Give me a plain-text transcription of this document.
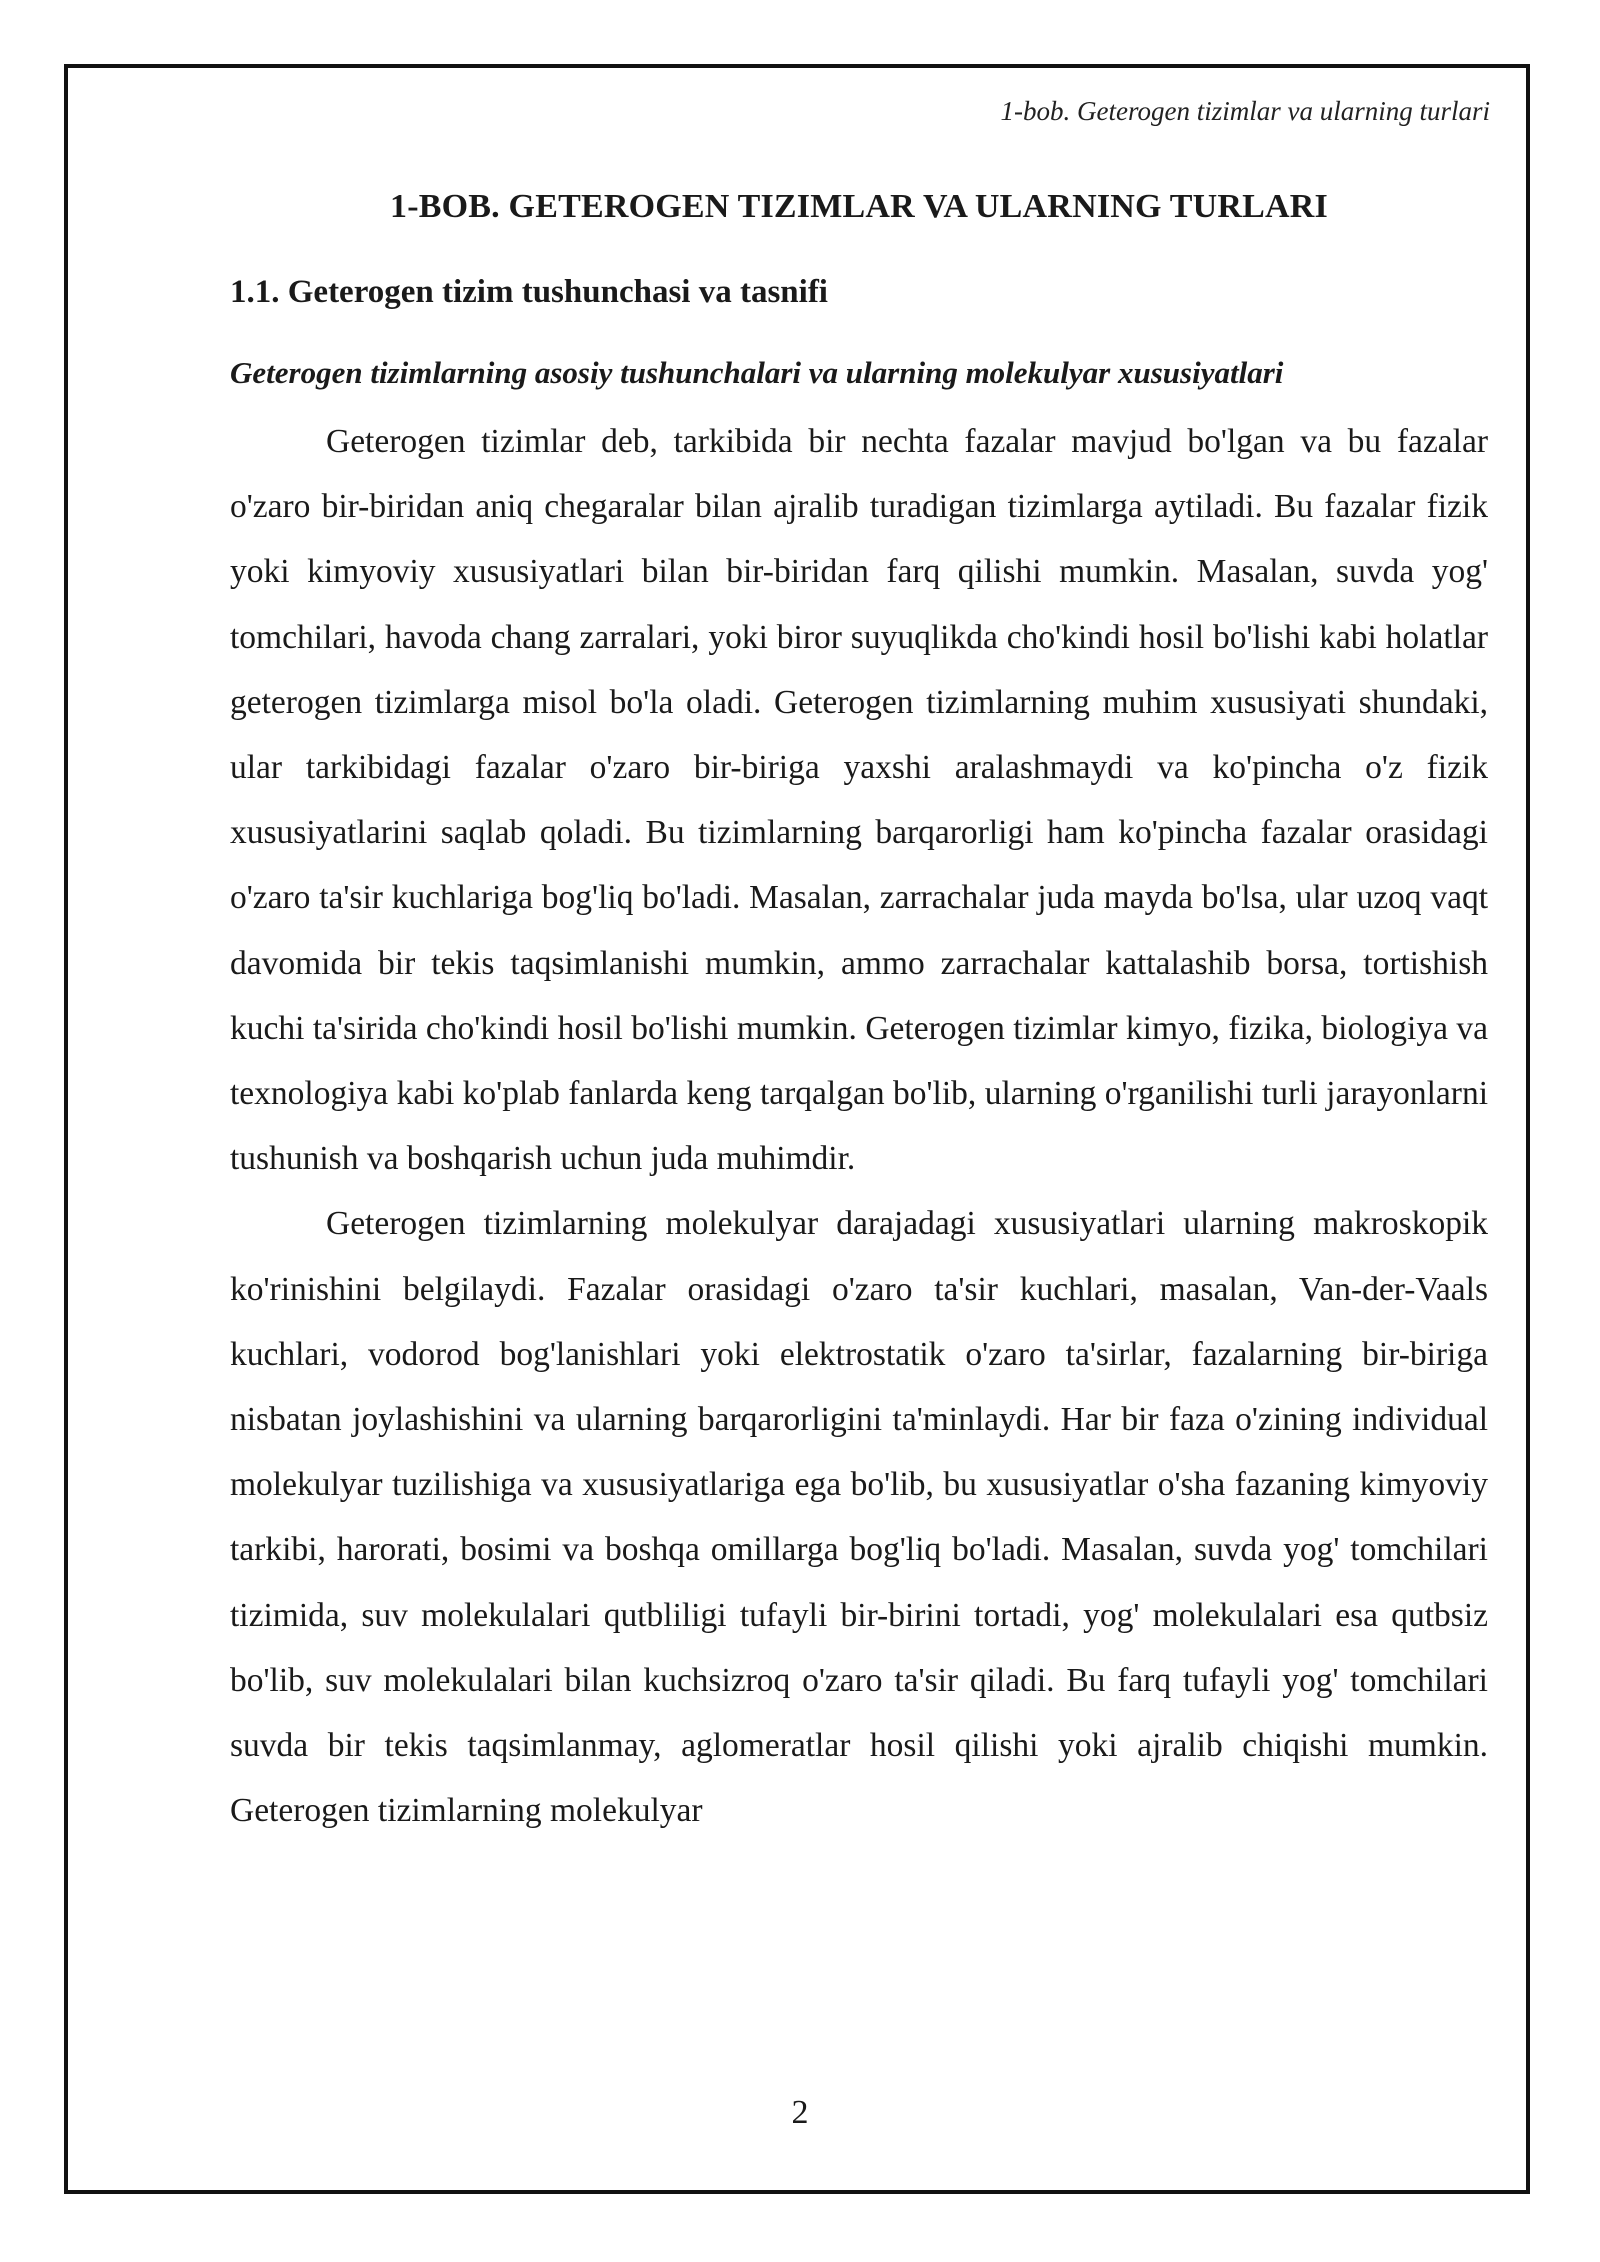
1-bob. Geterogen tizimlar va ularning turlari
1-BOB. GETEROGEN TIZIMLAR VA ULARNING TURLARI
1.1. Geterogen tizim tushunchasi va tasnifi
Geterogen tizimlarning asosiy tushunchalari va ularning molekulyar xususiyatlari

Geterogen tizimlar deb, tarkibida bir nechta fazalar mavjud bo'lgan va bu fazalar o'zaro bir-biridan aniq chegaralar bilan ajralib turadigan tizimlarga aytiladi. Bu fazalar fizik yoki kimyoviy xususiyatlari bilan bir-biridan farq qilishi mumkin. Masalan, suvda yog' tomchilari, havoda chang zarralari, yoki biror suyuqlikda cho'kindi hosil bo'lishi kabi holatlar geterogen tizimlarga misol bo'la oladi. Geterogen tizimlarning muhim xususiyati shundaki, ular tarkibidagi fazalar o'zaro bir-biriga yaxshi aralashmaydi va ko'pincha o'z fizik xususiyatlarini saqlab qoladi. Bu tizimlarning barqarorligi ham ko'pincha fazalar orasidagi o'zaro ta'sir kuchlariga bog'liq bo'ladi. Masalan, zarrachalar juda mayda bo'lsa, ular uzoq vaqt davomida bir tekis taqsimlanishi mumkin, ammo zarrachalar kattalashib borsa, tortishish kuchi ta'sirida cho'kindi hosil bo'lishi mumkin. Geterogen tizimlar kimyo, fizika, biologiya va texnologiya kabi ko'plab fanlarda keng tarqalgan bo'lib, ularning o'rganilishi turli jarayonlarni tushunish va boshqarish uchun juda muhimdir.

Geterogen tizimlarning molekulyar darajadagi xususiyatlari ularning makroskopik ko'rinishini belgilaydi. Fazalar orasidagi o'zaro ta'sir kuchlari, masalan, Van-der-Vaals kuchlari, vodorod bog'lanishlari yoki elektrostatik o'zaro ta'sirlar, fazalarning bir-biriga nisbatan joylashishini va ularning barqarorligini ta'minlaydi. Har bir faza o'zining individual molekulyar tuzilishiga va xususiyatlariga ega bo'lib, bu xususiyatlar o'sha fazaning kimyoviy tarkibi, harorati, bosimi va boshqa omillarga bog'liq bo'ladi. Masalan, suvda yog' tomchilari tizimida, suv molekulalari qutbliligi tufayli bir-birini tortadi, yog' molekulalari esa qutbsiz bo'lib, suv molekulalari bilan kuchsizroq o'zaro ta'sir qiladi. Bu farq tufayli yog' tomchilari suvda bir tekis taqsimlanmay, aglomeratlar hosil qilishi yoki ajralib chiqishi mumkin. Geterogen tizimlarning molekulyar

2
